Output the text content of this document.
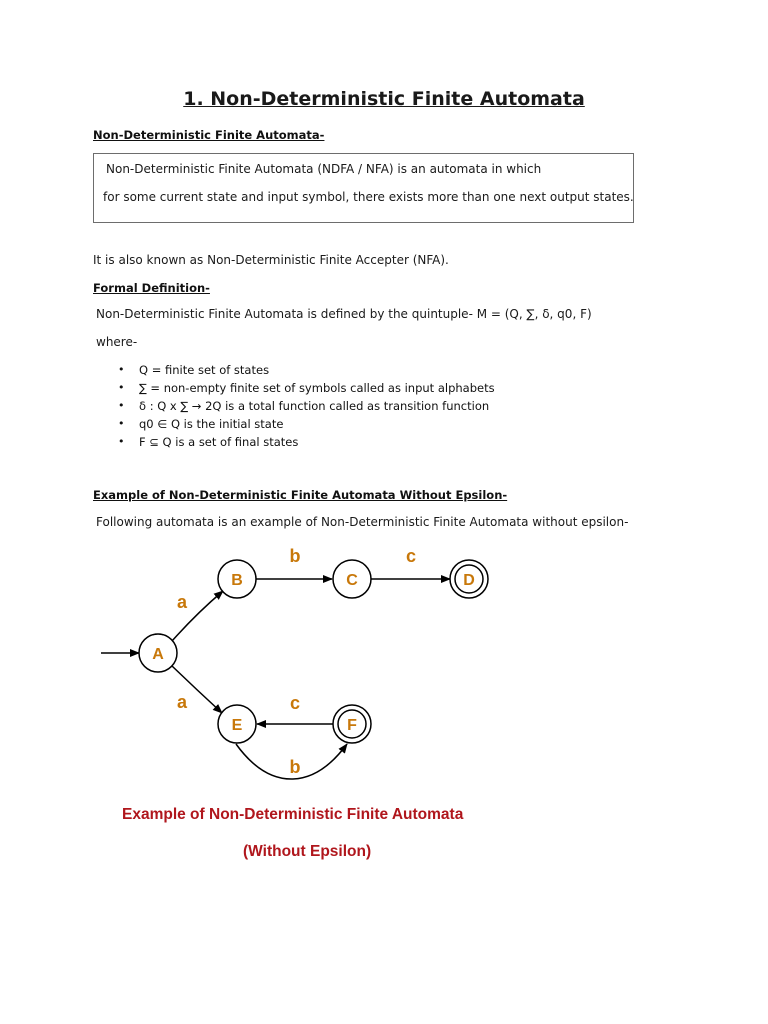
1. Non-Deterministic Finite Automata
Non-Deterministic Finite Automata-
Non-Deterministic Finite Automata (NDFA / NFA) is an automata in which
for some current state and input symbol, there exists more than one next output states.
It is also known as Non-Deterministic Finite Accepter (NFA).
Formal Definition-
Non-Deterministic Finite Automata is defined by the quintuple- M = (Q, ∑, δ, q0, F)
where-
• Q = finite set of states
• ∑ = non-empty finite set of symbols called as input alphabets
• δ : Q x ∑ → 2Q is a total function called as transition function
• q0 ∈ Q is the initial state
• F ⊆ Q is a set of final states
Example of Non-Deterministic Finite Automata Without Epsilon-
Following automata is an example of Non-Deterministic Finite Automata without epsilon-
A
B	C	D
E	F
a
a
b	c
c
b
Example of Non-Deterministic Finite Automata
(Without Epsilon)
